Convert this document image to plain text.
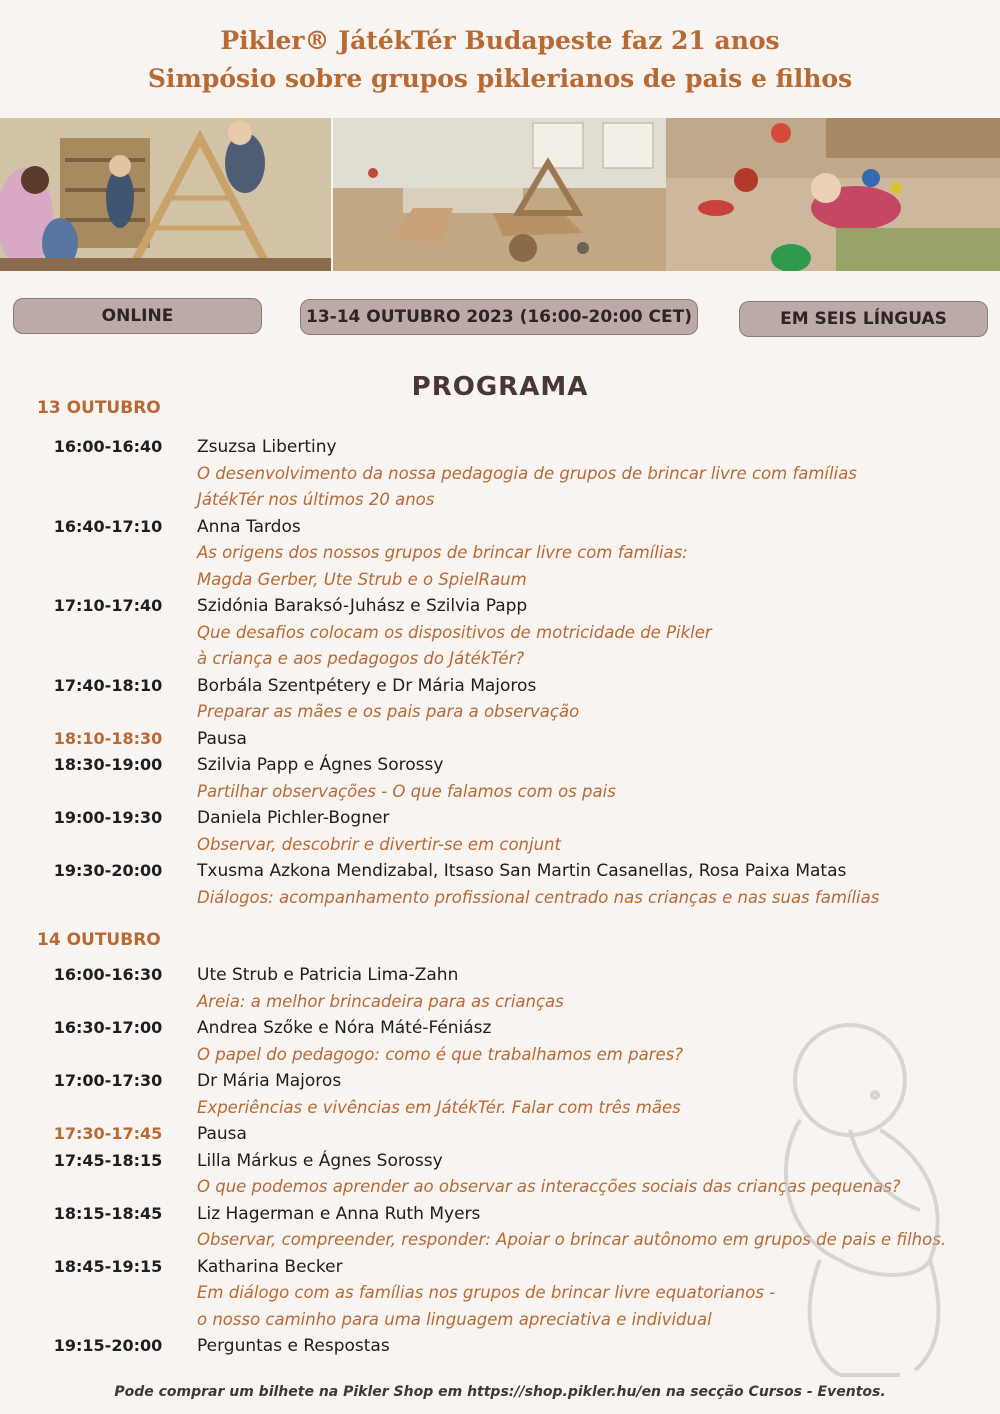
Pikler® JátékTér Budapeste faz 21 anos
Simpósio sobre grupos piklerianos de pais e filhos
ONLINE	13-14 OUTUBRO 2023 (16:00-20:00 CET)	EM SEIS LÍNGUAS
PROGRAMA
13 OUTUBRO
14 OUTUBRO
16:00-16:40	Zsuzsa Libertiny
O desenvolvimento da nossa pedagogia de grupos de brincar livre com famílias
JátékTér nos últimos 20 anos
16:40-17:10	Anna Tardos
As origens dos nossos grupos de brincar livre com famílias:
Magda Gerber, Ute Strub e o SpielRaum
17:10-17:40	Szidónia Baraksó-Juhász e Szilvia Papp
Que desafios colocam os dispositivos de motricidade de Pikler
à criança e aos pedagogos do JátékTér?
17:40-18:10	Borbála Szentpétery e Dr Mária Majoros
Preparar as mães e os pais para a observação
18:10-18:30	Pausa
18:30-19:00	Szilvia Papp e Ágnes Sorossy
Partilhar observações - O que falamos com os pais
19:00-19:30	Daniela Pichler-Bogner
Observar, descobrir e divertir-se em conjunt
19:30-20:00	Txusma Azkona Mendizabal, Itsaso San Martin Casanellas, Rosa Paixa Matas
Diálogos: acompanhamento profissional centrado nas crianças e nas suas famílias
16:00-16:30	Ute Strub e Patricia Lima-Zahn
Areia: a melhor brincadeira para as crianças
16:30-17:00	Andrea Szőke e Nóra Máté-Féniász
O papel do pedagogo: como é que trabalhamos em pares?
17:00-17:30	Dr Mária Majoros
Experiências e vivências em JátékTér. Falar com três mães
17:30-17:45	Pausa
17:45-18:15	Lilla Márkus e Ágnes Sorossy
O que podemos aprender ao observar as interacções sociais das crianças pequenas?
18:15-18:45	Liz Hagerman e Anna Ruth Myers
Observar, compreender, responder: Apoiar o brincar autônomo em grupos de pais e filhos.
18:45-19:15	Katharina Becker
Em diálogo com as famílias nos grupos de brincar livre equatorianos -
o nosso caminho para uma linguagem apreciativa e individual
19:15-20:00	Perguntas e Respostas
Pode comprar um bilhete na Pikler Shop em https://shop.pikler.hu/en na secção Cursos - Eventos.
